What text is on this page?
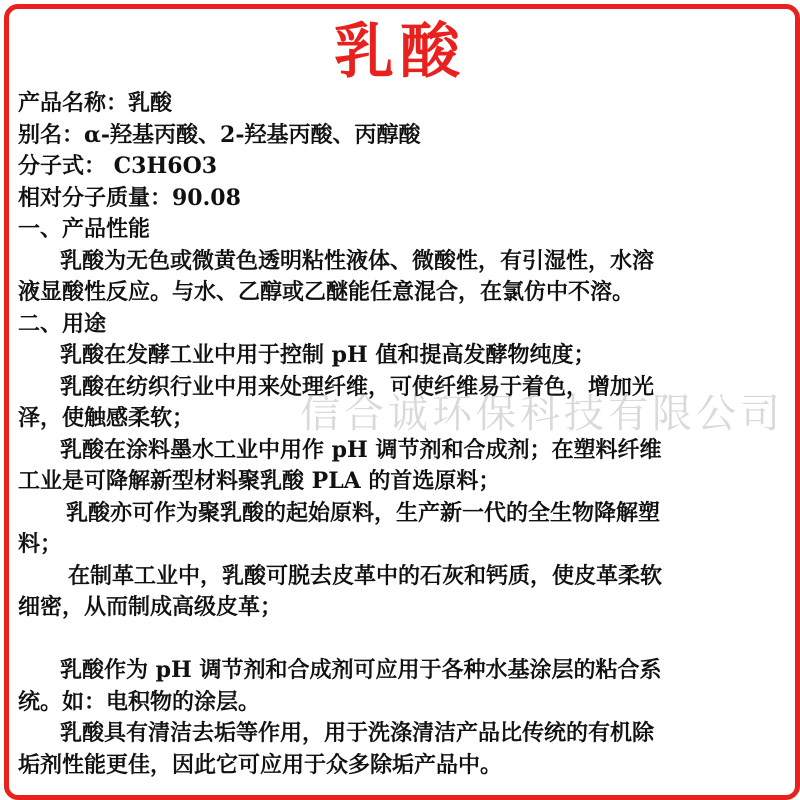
乳酸
产品名称：乳酸
别名：α-羟基丙酸、2-羟基丙酸、丙醇酸
分子式： C3H6O3
相对分子质量：90.08
一、产品性能
乳酸为无色或微黄色透明粘性液体、微酸性，有引湿性，水溶
液显酸性反应。与水、乙醇或乙醚能任意混合，在氯仿中不溶。
二、用途
乳酸在发酵工业中用于控制 pH 值和提高发酵物纯度；
乳酸在纺织行业中用来处理纤维，可使纤维易于着色，增加光
泽，使触感柔软；
乳酸在涂料墨水工业中用作 pH 调节剂和合成剂；在塑料纤维
工业是可降解新型材料聚乳酸 PLA 的首选原料；
乳酸亦可作为聚乳酸的起始原料，生产新一代的全生物降解塑
料；
在制革工业中，乳酸可脱去皮革中的石灰和钙质，使皮革柔软
细密，从而制成高级皮革；
乳酸作为 pH 调节剂和合成剂可应用于各种水基涂层的粘合系
统。如：电积物的涂层。
乳酸具有清洁去垢等作用，用于洗涤清洁产品比传统的有机除
垢剂性能更佳，因此它可应用于众多除垢产品中。
信合诚环保科技有限公司
